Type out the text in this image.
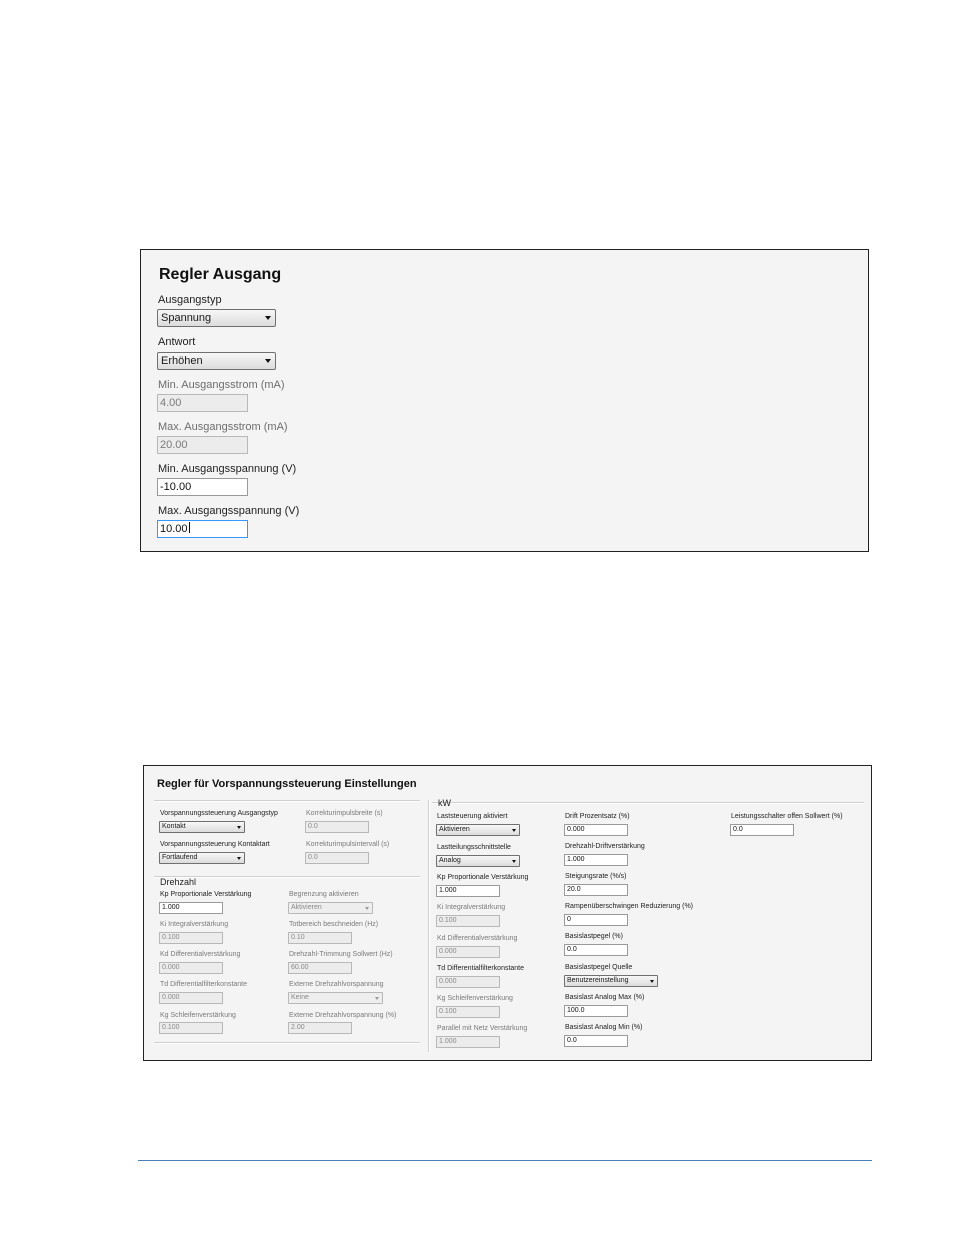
Regler Ausgang
Ausgangstyp
Spannung
Antwort
Erhöhen
Min. Ausgangsstrom (mA)
4.00
Max. Ausgangsstrom (mA)
20.00
Min. Ausgangsspannung (V)
-10.00
Max. Ausgangsspannung (V)
10.00
Regler für Vorspannungssteuerung Einstellungen
Vorspannungssteuerung Ausgangstyp
Kontakt
Vorspannungssteuerung Kontaktart
Fortlaufend
Korrekturimpulsbreite (s)
0.0
Korrekturimpulsintervall (s)
0.0
Drehzahl
Kp Proportionale Verstärkung
1.000
Ki Integralverstärkung
0.100
Kd Differentialverstärkung
0.000
Td Differentialfilterkonstante
0.000
Kg Schleifenverstärkung
0.100
Begrenzung aktivieren
Aktivieren
Totbereich beschneiden (Hz)
0.10
Drehzahl-Trimmung Sollwert (Hz)
60.00
Externe Drehzahlvorspannung
Keine
Externe Drehzahlvorspannung (%)
2.00
kW
Laststeuerung aktiviert
Aktivieren
Lastteilungsschnittstelle
Analog
Kp Proportionale Verstärkung
1.000
Ki Integralverstärkung
0.100
Kd Differentialverstärkung
0.000
Td Differentialfilterkonstante
0.000
Kg Schleifenverstärkung
0.100
Parallel mit Netz Verstärkung
1.000
Drift Prozentsatz (%)
0.000
Drehzahl-Driftverstärkung
1.000
Steigungsrate (%/s)
20.0
Rampenüberschwingen Reduzierung (%)
0
Basislastpegel (%)
0.0
Basislastpegel Quelle
Benutzereinstellung
Basislast Analog Max (%)
100.0
Basislast Analog Min (%)
0.0
Leistungsschalter offen Sollwert (%)
0.0
